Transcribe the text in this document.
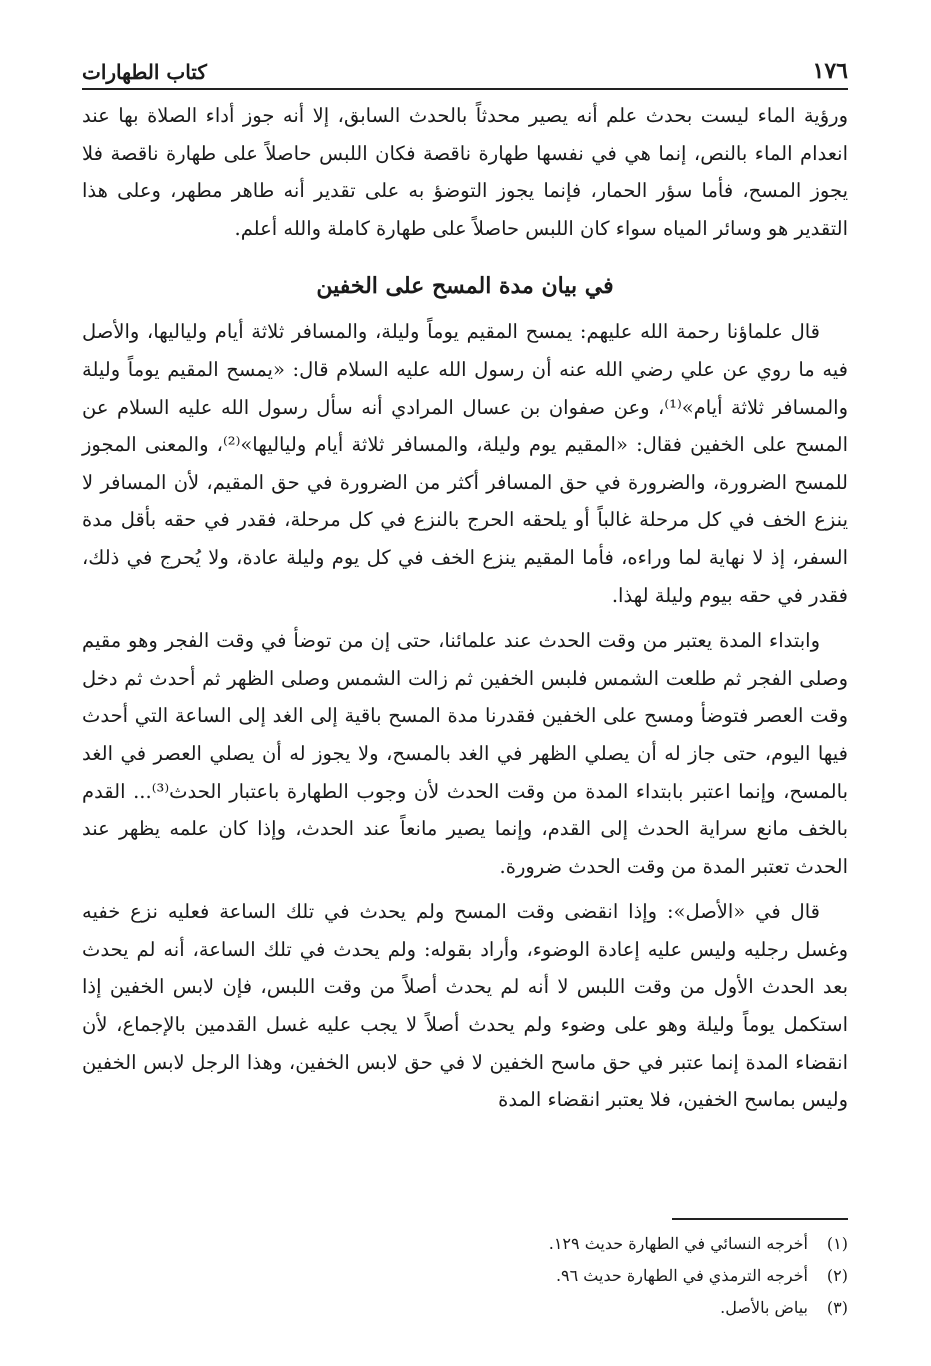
١٧٦
كتاب الطهارات

ورؤية الماء ليست بحدث علم أنه يصير محدثاً بالحدث السابق، إلا أنه جوز أداء الصلاة بها عند انعدام الماء بالنص، إنما هي في نفسها طهارة ناقصة فكان اللبس حاصلاً على طهارة ناقصة فلا يجوز المسح، فأما سؤر الحمار، فإنما يجوز التوضؤ به على تقدير أنه طاهر مطهر، وعلى هذا التقدير هو وسائر المياه سواء كان اللبس حاصلاً على طهارة كاملة والله أعلم.

في بيان مدة المسح على الخفين

قال علماؤنا رحمة الله عليهم: يمسح المقيم يوماً وليلة، والمسافر ثلاثة أيام ولياليها، والأصل فيه ما روي عن علي رضي الله عنه أن رسول الله عليه السلام قال: «يمسح المقيم يوماً وليلة والمسافر ثلاثة أيام»⁽¹⁾، وعن صفوان بن عسال المرادي أنه سأل رسول الله عليه السلام عن المسح على الخفين فقال: «المقيم يوم وليلة، والمسافر ثلاثة أيام ولياليها»⁽²⁾، والمعنى المجوز للمسح الضرورة، والضرورة في حق المسافر أكثر من الضرورة في حق المقيم، لأن المسافر لا ينزع الخف في كل مرحلة غالباً أو يلحقه الحرج بالنزع في كل مرحلة، فقدر في حقه بأقل مدة السفر، إذ لا نهاية لما وراءه، فأما المقيم ينزع الخف في كل يوم وليلة عادة، ولا يُحرج في ذلك، فقدر في حقه بيوم وليلة لهذا.

وابتداء المدة يعتبر من وقت الحدث عند علمائنا، حتى إن من توضأ في وقت الفجر وهو مقيم وصلى الفجر ثم طلعت الشمس فلبس الخفين ثم زالت الشمس وصلى الظهر ثم أحدث ثم دخل وقت العصر فتوضأ ومسح على الخفين فقدرنا مدة المسح باقية إلى الغد إلى الساعة التي أحدث فيها اليوم، حتى جاز له أن يصلي الظهر في الغد بالمسح، ولا يجوز له أن يصلي العصر في الغد بالمسح، وإنما اعتبر بابتداء المدة من وقت الحدث لأن وجوب الطهارة باعتبار الحدث⁽³⁾... القدم بالخف مانع سراية الحدث إلى القدم، وإنما يصير مانعاً عند الحدث، وإذا كان علمه يظهر عند الحدث تعتبر المدة من وقت الحدث ضرورة.

قال في «الأصل»: وإذا انقضى وقت المسح ولم يحدث في تلك الساعة فعليه نزع خفيه وغسل رجليه وليس عليه إعادة الوضوء، وأراد بقوله: ولم يحدث في تلك الساعة، أنه لم يحدث بعد الحدث الأول من وقت اللبس لا أنه لم يحدث أصلاً من وقت اللبس، فإن لابس الخفين إذا استكمل يوماً وليلة وهو على وضوء ولم يحدث أصلاً لا يجب عليه غسل القدمين بالإجماع، لأن انقضاء المدة إنما عتبر في حق ماسح الخفين لا في حق لابس الخفين، وهذا الرجل لابس الخفين وليس بماسح الخفين، فلا يعتبر انقضاء المدة

(١)
أخرجه النسائي في الطهارة حديث ١٢٩.
(٢)
أخرجه الترمذي في الطهارة حديث ٩٦.
(٣)
بياض بالأصل.
